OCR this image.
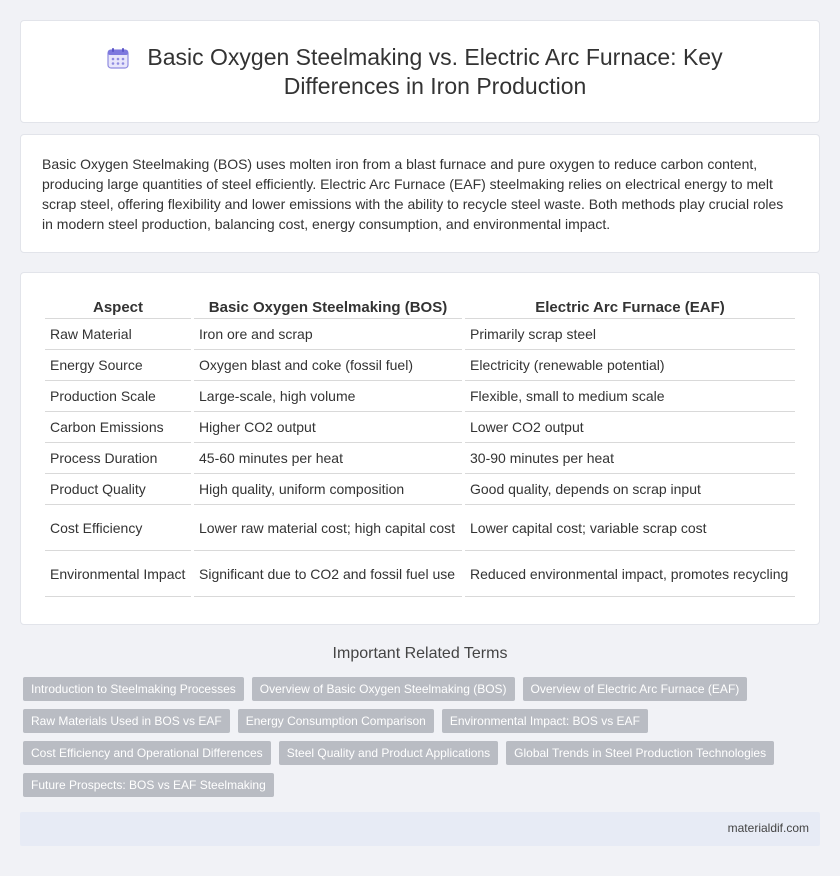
Basic Oxygen Steelmaking vs. Electric Arc Furnace: Key Differences in Iron Production

Basic Oxygen Steelmaking (BOS) uses molten iron from a blast furnace and pure oxygen to reduce carbon content, producing large quantities of steel efficiently. Electric Arc Furnace (EAF) steelmaking relies on electrical energy to melt scrap steel, offering flexibility and lower emissions with the ability to recycle steel waste. Both methods play crucial roles in modern steel production, balancing cost, energy consumption, and environmental impact.

Aspect	Basic Oxygen Steelmaking (BOS)	Electric Arc Furnace (EAF)
Raw Material	Iron ore and scrap	Primarily scrap steel
Energy Source	Oxygen blast and coke (fossil fuel)	Electricity (renewable potential)
Production Scale	Large-scale, high volume	Flexible, small to medium scale
Carbon Emissions	Higher CO2 output	Lower CO2 output
Process Duration	45-60 minutes per heat	30-90 minutes per heat
Product Quality	High quality, uniform composition	Good quality, depends on scrap input
Cost Efficiency	Lower raw material cost; high capital cost	Lower capital cost; variable scrap cost
Environmental Impact	Significant due to CO2 and fossil fuel use	Reduced environmental impact, promotes recycling
Important Related Terms
Introduction to Steelmaking Processes	Overview of Basic Oxygen Steelmaking (BOS)	Overview of Electric Arc Furnace (EAF)
Raw Materials Used in BOS vs EAF	Energy Consumption Comparison	Environmental Impact: BOS vs EAF
Cost Efficiency and Operational Differences	Steel Quality and Product Applications	Global Trends in Steel Production Technologies
Future Prospects: BOS vs EAF Steelmaking
materialdif.com
